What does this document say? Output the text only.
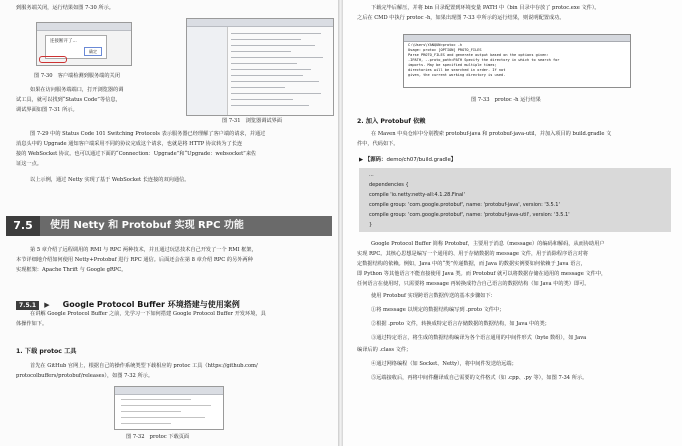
到服务端关闭，运行结果如图 7-30 所示。
连接断开了...
确定
图 7-30　客户端检测到服务端的关闭
如果在访问服务端端口，打开浏览器的调
试工具，就可以找到“Status Code”等信息，
调试界面如图 7-31 所示。
图 7-31　浏览器调试界面
图 7-29 中的 Status Code 101 Switching Protocols 表示服务器已经理解了客户端的请求，并通过
消息头中的 Upgrade 通知客户端采用不同的协议完成这个请求，也就是将 HTTP 协议转为了长连
接的 WebSocket 协议。也可以通过下面的“Connection：Upgrade”和“Upgrade：websocket”来佐
证这一点。
以上示例，通过 Netty 实现了基于 WebSocket 长连接的双向通信。
7.5	使用 Netty 和 Protobuf 实现 RPC 功能
第 5 章介绍了远程调用的 RMI 与 RPC 两种技术，并且通过玩思技术自己开发了一个 RMI 框架，
本节详细地介绍如何使用 Netty+Protobuf 进行 RPC 通信。后面还会在第 8 章介绍 RPC 的另外两种
实现框架：Apache Thrift 与 Google gRPC。
7.5.1 ▶ Google Protocol Buffer 环境搭建与使用案例
在讲解 Google Protocol Buffer 之前，先学习一下如何搭建 Google Protocol Buffer 开发环境，具
体操作如下。
1. 下载 protoc 工具
首先在 GitHub 官网上，根据自己的操作系统类型下载相应的 protoc 工具（https://github.com/
protocolbuffers/protobuf/releases），如图 7-32 所示。
图 7-32　protoc 下载页面
下载完毕后解压，并将 bin 目录配置到环境变量 PATH 中（bin 目录中存放了 protoc.exe 文件）。
之后在 CMD 中执行 protoc -h，如果出现图 7-33 中所示的运行结果，则说明配置成功。
C:\Users\YANQUN>protoc -h
Usage: protoc [OPTION] PROTO_FILES
Parse PROTO_FILES and generate output based on the options given:
-IPATH, --proto_path=PATH Specify the directory in which to search for
imports. May be specified multiple times;
directories will be searched in order. If not
given, the current working directory is used.
图 7-33　protoc -h 运行结果
2. 加入 Protobuf 依赖
在 Maven 中央仓库中分别搜索 protobuf-java 和 protobuf-java-util，并加入项目的 build.gradle 文
件中，代码如下。
▶ 【源码：demo/ch07/build.gradle】
...
dependencies {
compile 'io.netty:netty-all:4.1.28.Final'
compile group: 'com.google.protobuf', name: 'protobuf-java', version: '3.5.1'
compile group: 'com.google.protobuf', name: 'protobuf-java-util', version: '3.5.1'
}
Google Protocol Buffer 简称 Protobuf，主要用于消息（message）的编码和解码，从而协助用户
实现 RPC。其核心思想是编写一个通用的、用于存储数据的 message 文件，用于消除程序语言对将
定数据结构的依赖。例如，Java 中的“类”传递数据，而 Java 的数据实例要如何依赖于 Java 语言，
即 Python 等其他语言不能直接使用 Java 类。而 Protobuf 就可以将数据存储在通用的 message 文件中，
任何语言在使用时，只需要将 message 再转换成符合自己语言的数据结构（如 Java 中的类）即可。
使用 Protobuf 实现跨语言数据传送的基本步骤如下：
①将 message 以规定的数据结构编写到 .proto 文件中；
②根据 .proto 文件，转换成特定语言存储数据的数据结构，如 Java 中的类；
③通过特定语言，将生成的数据结构编译为各个语言通用的中间件形式（byte 数组），如 Java
编译后的 .class 文件；
④通过网络编程（如 Socket、Netty），将中间件发送给远端；
⑤远端接收后，再将中间件翻译成自己需要的文件格式（如 .cpp、.py 等），如图 7-34 所示。
